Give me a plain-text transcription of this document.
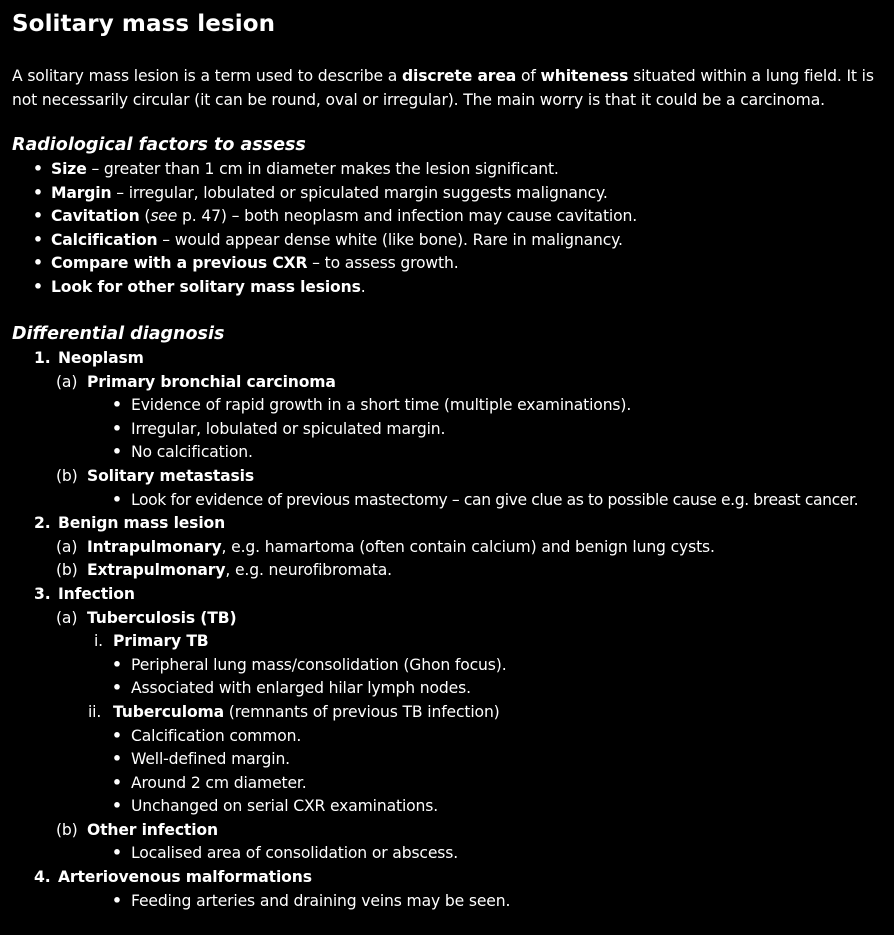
Solitary mass lesion

A solitary mass lesion is a term used to describe a discrete area of whiteness situated within a lung field. It is not necessarily circular (it can be round, oval or irregular). The main worry is that it could be a carcinoma.

Radiological factors to assess
• Size – greater than 1 cm in diameter makes the lesion significant.
• Margin – irregular, lobulated or spiculated margin suggests malignancy.
• Cavitation (see p. 47) – both neoplasm and infection may cause cavitation.
• Calcification – would appear dense white (like bone). Rare in malignancy.
• Compare with a previous CXR – to assess growth.
• Look for other solitary mass lesions.
Differential diagnosis
1. Neoplasm
(a) Primary bronchial carcinoma
• Evidence of rapid growth in a short time (multiple examinations).
• Irregular, lobulated or spiculated margin.
• No calcification.
(b) Solitary metastasis
• Look for evidence of previous mastectomy – can give clue as to possible cause e.g. breast cancer.
2. Benign mass lesion
(a) Intrapulmonary, e.g. hamartoma (often contain calcium) and benign lung cysts.
(b) Extrapulmonary, e.g. neurofibromata.
3. Infection
(a) Tuberculosis (TB)
i. Primary TB
• Peripheral lung mass/consolidation (Ghon focus).
• Associated with enlarged hilar lymph nodes.
ii. Tuberculoma (remnants of previous TB infection)
• Calcification common.
• Well-defined margin.
• Around 2 cm diameter.
• Unchanged on serial CXR examinations.
(b) Other infection
• Localised area of consolidation or abscess.
4. Arteriovenous malformations
• Feeding arteries and draining veins may be seen.
